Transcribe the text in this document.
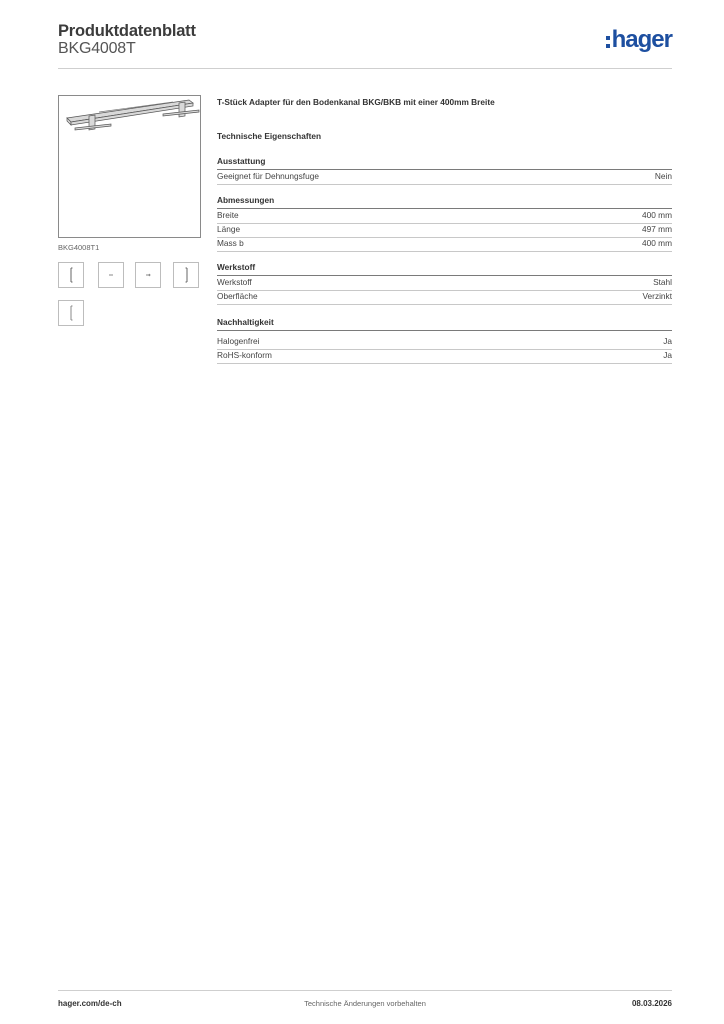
Produktdatenblatt
BKG4008T	hager
BKG4008T1
T-Stück Adapter für den Bodenkanal BKG/BKB mit einer 400mm Breite
Technische Eigenschaften
Ausstattung
Geeignet für Dehnungsfuge	Nein
Abmessungen
Breite	400 mm
Länge	497 mm
Mass b	400 mm
Werkstoff
Werkstoff	Stahl
Oberfläche	Verzinkt
Nachhaltigkeit
Halogenfrei	Ja
RoHS-konform	Ja
hager.com/de-ch	Technische Änderungen vorbehalten	08.03.2026
